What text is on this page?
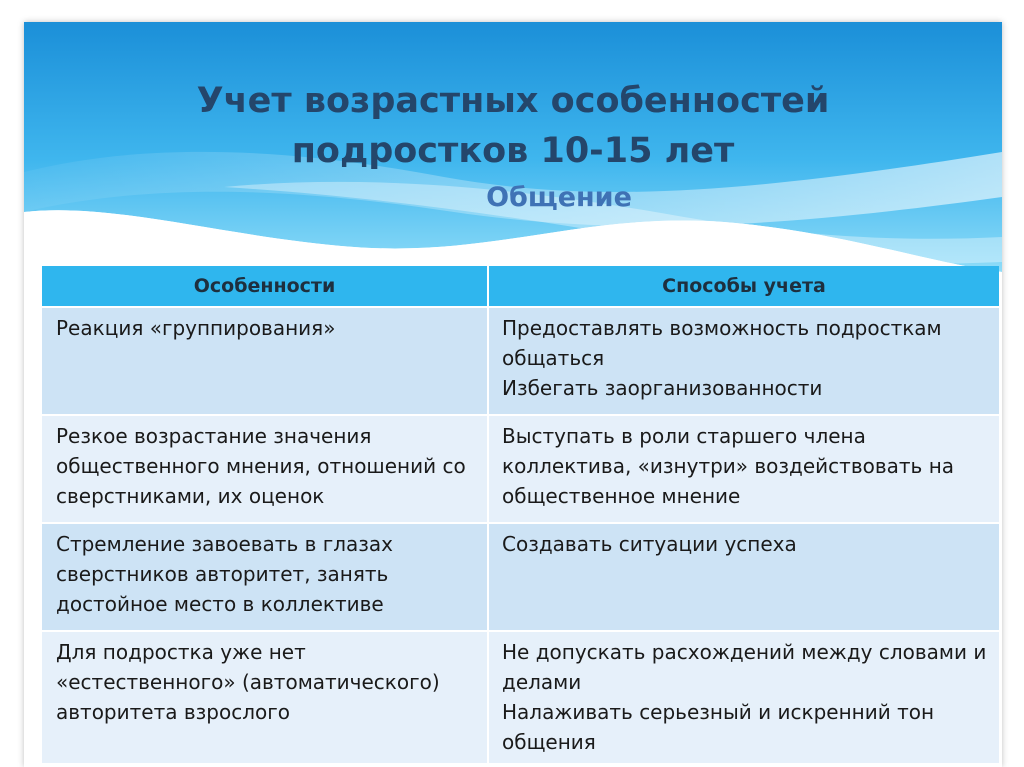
Учет возрастных особенностей
подростков 10-15 лет
Общение
Особенности	Способы учета

Реакция «группирования»	Предоставлять возможность подросткам общаться
Избегать заорганизованности

Резкое возрастание значения общественного мнения, отношений со сверстниками, их оценок	Выступать в роли старшего члена коллектива, «изнутри» воздействовать на общественное мнение

Стремление завоевать в глазах сверстников авторитет, занять достойное место в коллективе	Создавать ситуации успеха

Для подростка уже нет «естественного» (автоматического) авторитета взрослого	Не допускать расхождений между словами и делами
Налаживать серьезный и искренний тон общения
